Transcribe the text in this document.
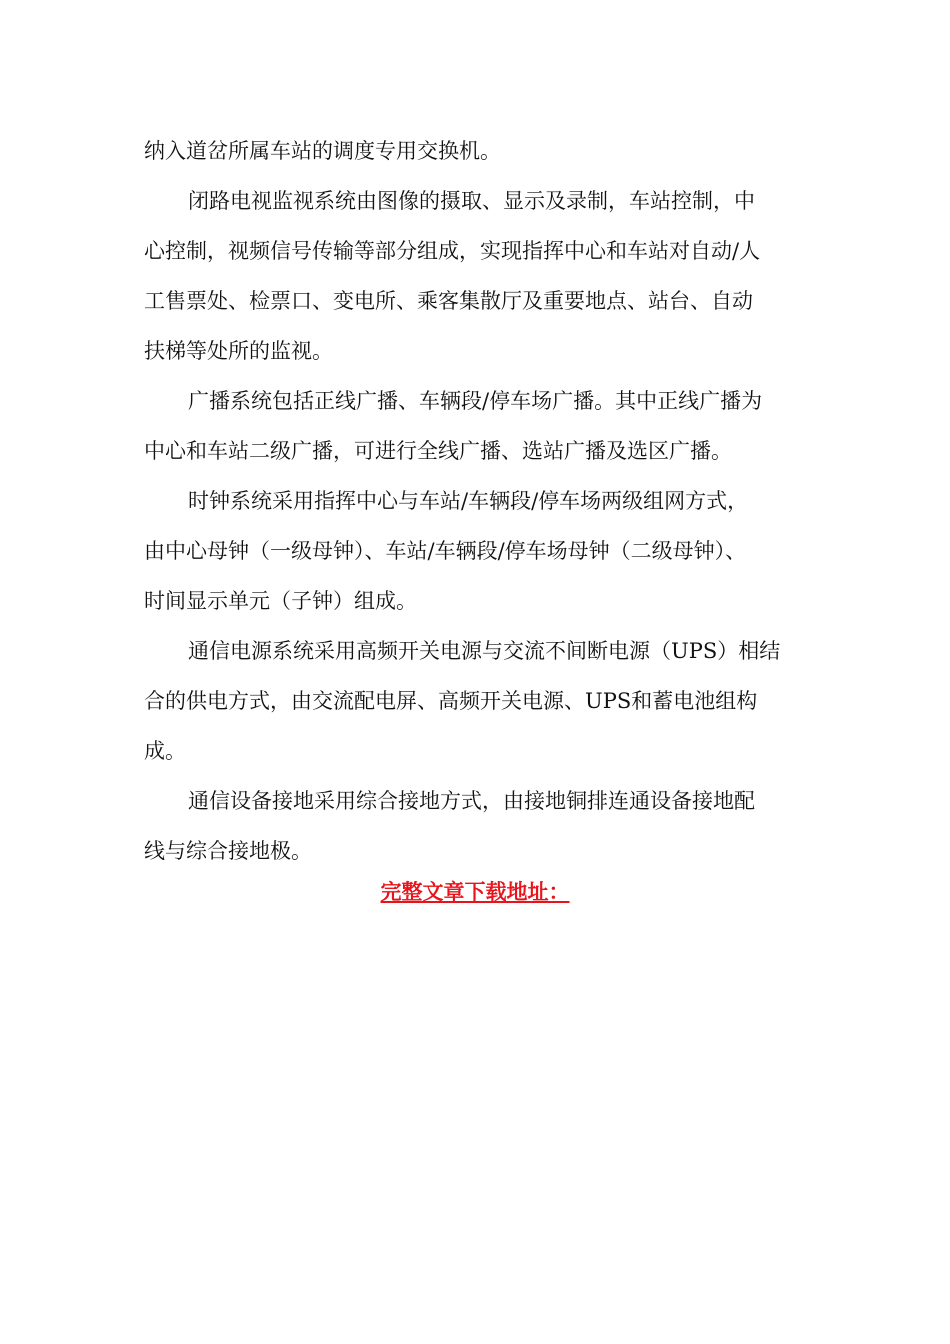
纳入道岔所属车站的调度专用交换机。

闭路电视监视系统由图像的摄取、显示及录制，车站控制，中

心控制，视频信号传输等部分组成，实现指挥中心和车站对自动/人

工售票处、检票口、变电所、乘客集散厅及重要地点、站台、自动

扶梯等处所的监视。

广播系统包括正线广播、车辆段/停车场广播。其中正线广播为

中心和车站二级广播，可进行全线广播、选站广播及选区广播。

时钟系统采用指挥中心与车站/车辆段/停车场两级组网方式，

由中心母钟（一级母钟）、车站/车辆段/停车场母钟（二级母钟）、

时间显示单元（子钟）组成。

通信电源系统采用高频开关电源与交流不间断电源（UPS）相结

合的供电方式，由交流配电屏、高频开关电源、UPS和蓄电池组构

成。

通信设备接地采用综合接地方式，由接地铜排连通设备接地配

线与综合接地极。

完整文章下载地址：
